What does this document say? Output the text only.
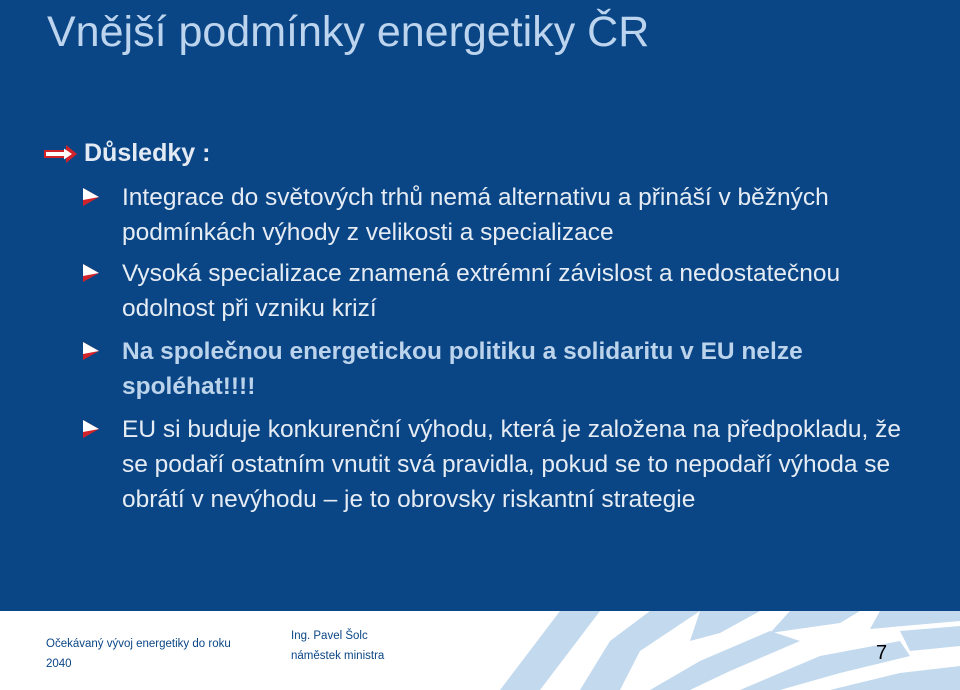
Vnější podmínky energetiky ČR
Důsledky :
Integrace do světových trhů nemá alternativu a přináší v běžných podmínkách výhody z velikosti a specializace
Vysoká specializace znamená extrémní závislost a nedostatečnou odolnost při vzniku krizí
Na společnou energetickou politiku a solidaritu v EU nelze spoléhat!!!!
EU si buduje konkurenční výhodu, která je založena na předpokladu, že se podaří ostatním vnutit svá pravidla, pokud se to nepodaří výhoda se obrátí v nevýhodu – je to obrovsky riskantní strategie
Očekávaný vývoj energetiky do roku
2040
Ing. Pavel Šolc
náměstek ministra	7
